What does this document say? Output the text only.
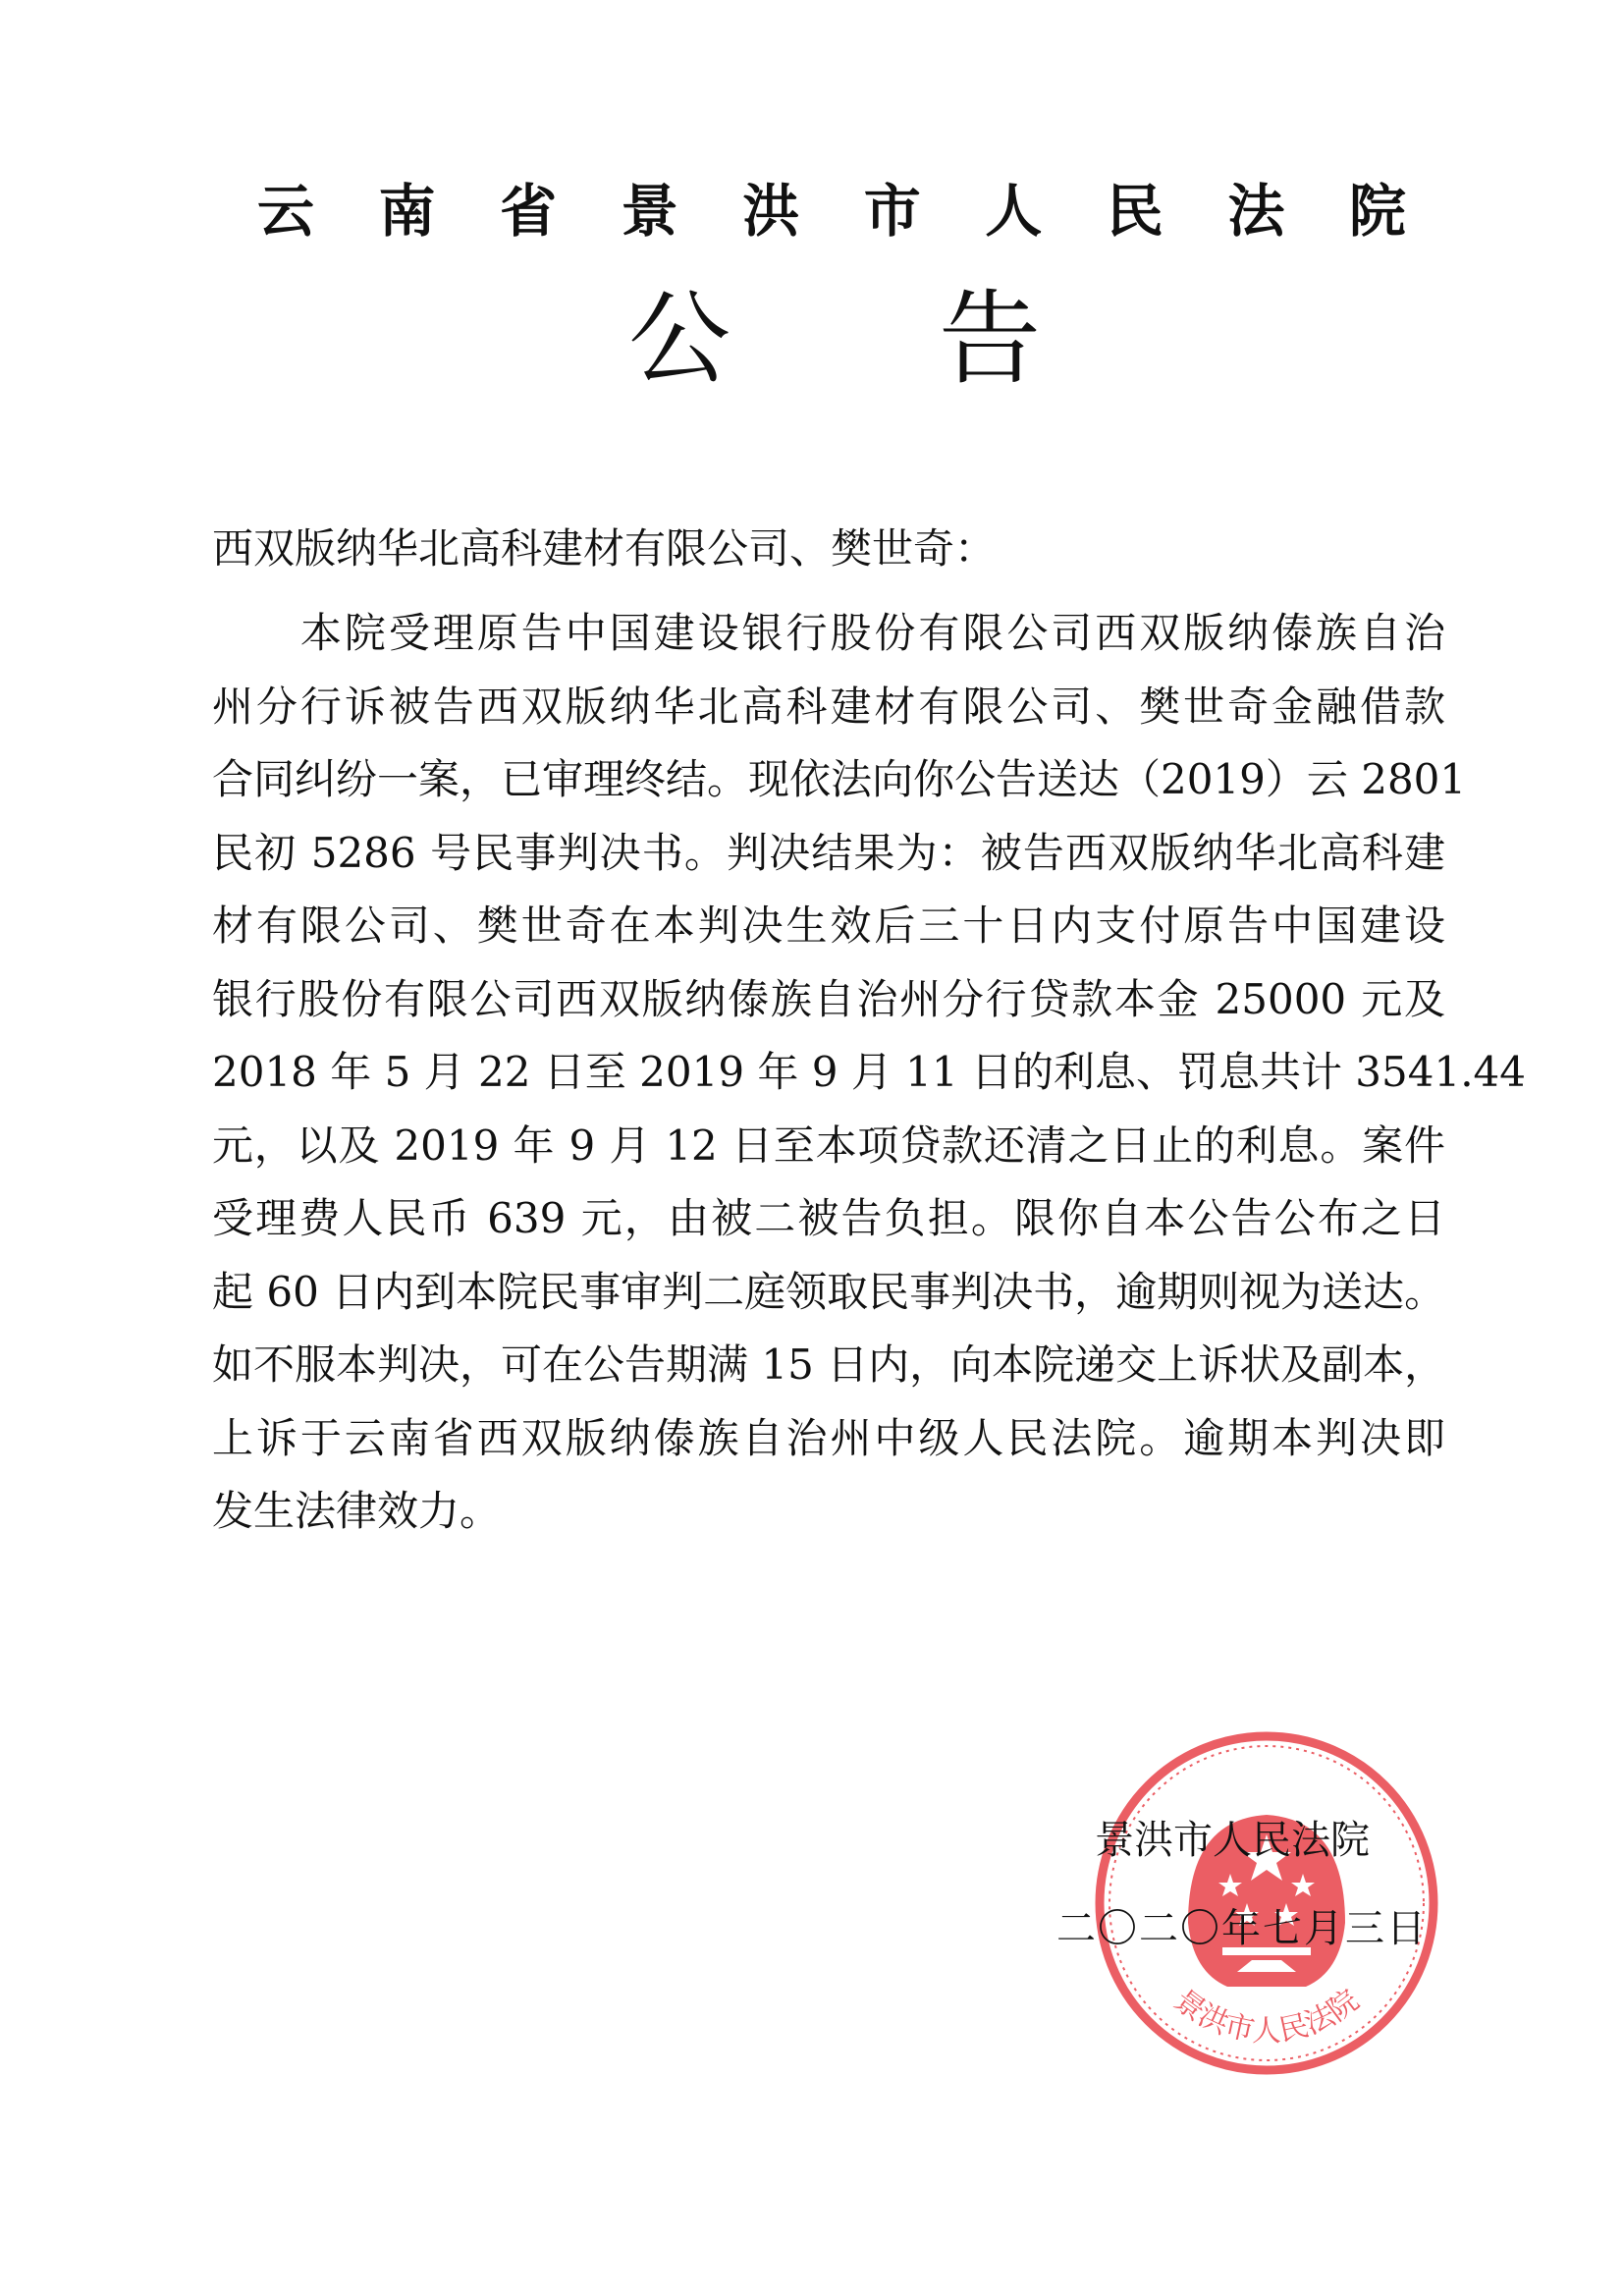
云 南 省 景 洪 市 人 民 法 院
公 告
西双版纳华北高科建材有限公司、樊世奇：
　　本院受理原告中国建设银行股份有限公司西双版纳傣族自治
州分行诉被告西双版纳华北高科建材有限公司、樊世奇金融借款
合同纠纷一案，已审理终结。现依法向你公告送达（2019）云 2801
民初 5286 号民事判决书。判决结果为：被告西双版纳华北高科建
材有限公司、樊世奇在本判决生效后三十日内支付原告中国建设
银行股份有限公司西双版纳傣族自治州分行贷款本金 25000 元及
2018 年 5 月 22 日至 2019 年 9 月 11 日的利息、罚息共计 3541.44
元，以及 2019 年 9 月 12 日至本项贷款还清之日止的利息。案件
受理费人民币 639 元，由被二被告负担。限你自本公告公布之日
起 60 日内到本院民事审判二庭领取民事判决书，逾期则视为送达。
如不服本判决，可在公告期满 15 日内，向本院递交上诉状及副本，
上诉于云南省西双版纳傣族自治州中级人民法院。逾期本判决即
发生法律效力。
景洪市人民法院
景洪市人民法院
二〇二〇年七月三日
